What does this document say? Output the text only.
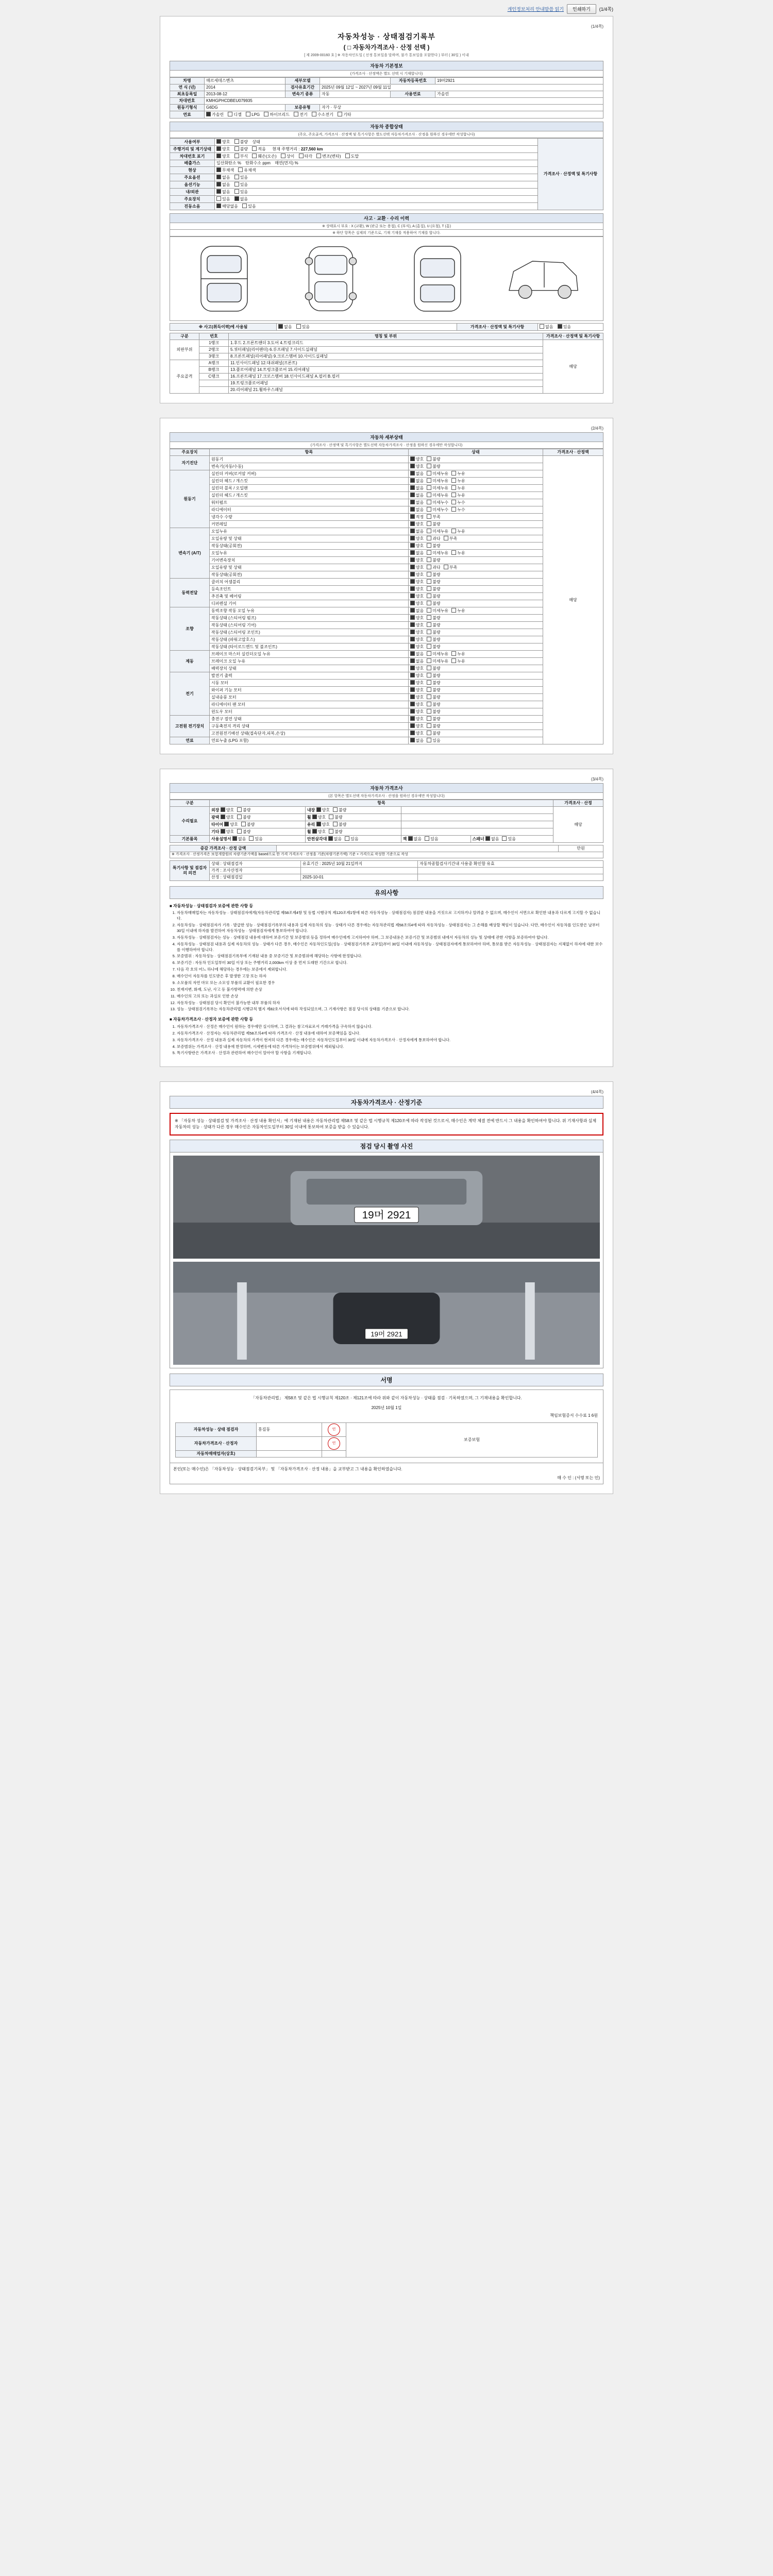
개인정보처리 안내말씀 읽기	인쇄하기	(1/4쪽)
(1/4쪽)
자동차성능 · 상태점검기록부
( □ 자동차가격조사 · 산정 선택 )
[ 제 2009-00160 호 ] ※ 자동차인도일 ( 선정 통보일을 말하며, 불가 통보일을 포함한다 ) 부터 ( 30일 ) 이내
자동차 기본정보
(가격조사 · 산정액은 별도 선택 시 기재합니다)
차명	매르세데스벤츠	세부모델		자동차등록번호	19머2921
연 식 (년)	2014	검사유효기간	2025년 09월 12일 ~ 2027년 09월 11일		
최초등록일	2013-08-12	변속기 종류	자동	사용연료	가솔린
차대번호	KMHGPHCDBEU079935				
원동기형식	G6DG	보증유형	자가 · 무상		
연료	가솔린 디젤 LPG 하이브리드 전기 수소전기 기타				
자동차 종합상태
(주요, 주요골격, 가격조사 · 산정액 및 특기사항은 별도선택 자동차가격조사 · 산정을 원하신 경우에만 작성합니다)
사용여부	양호 불량 상태	가격조사 · 산정액 및 특기사항
주행거리 및 계기상태	양호 불량 적음 현재 주행거리 : 227,560 km	
차대번호 표기	양호 부식 훼손(오손) 상이 타각 변조(변타) 도말	
배출가스	일산화탄소 % 탄화수소 ppm 매연(먼지) %	
현상	무채색 유채색	
주요옵션	없음 있음	
옵션기능	없음 있음	
내/외관	없음 있음	
주요장치	있음 없음	
진동소음	해당없음 있음	
사고 · 교환 · 수리 이력
※ 상태표시 부호 : X (교환), W (판금 또는 용접), C (부식), A (흠집), U (요철), T (흠)
※ 하단 항목은 실제의 기준으로, 기재 기재를 적용하여 기재를 합니다.
※ 사고(취득이력)에 사용됨	없음 있음	가격조사 · 산정액 및 특기사항	없음 있음
구분	번호	명칭 및 부위	가격조사 · 산정액 및 특기사항
외판부위	1랭크	1.후드 2.프론트팬더 3.도어 4.트렁크리드	해당
	2랭크	5.쿼터패널(리어팬더) 6.루프패널 7.사이드실패널	
	3랭크	8.프론트패널(리어패널) 9.크로스멤버 10.사이드실패널	
주요골격	A랭크	11.인사이드패널 12.대쉬패널(프론트)	
	B랭크	13.플로어패널 14.트렁크플로어 15.리어패널	
	C랭크	16.프론트패널 17.크로스멤버 18.인사이드패널 A.필러 B.필러	
		19.트렁크플로어패널	
		20.리어패널 21.휠하우스패널	
(2/4쪽)
자동차 세부상태
(가격조사 · 산정액 및 특기사항은 별도선택 자동차가격조사 · 산정을 원하신 경우에만 작성합니다)
주요장치	항목	상태	가격조사 · 산정액
자기진단	원동기	양호 불량	해당
	변속기(자동/수동)	양호 불량	
원동기	실린더 커버(로커암 커버)	없음 미세누유 누유	
	실린더 헤드 / 개스킷	없음 미세누유 누유	
	실린더 블록 / 오일팬	없음 미세누유 누유	
	실린더 헤드 / 개스킷	없음 미세누유 누유	
	워터펌프	없음 미세누수 누수	
	라디에이터	없음 미세누수 누수	
	냉각수 수량	적정 부족	
	커먼레일	양호 불량	
변속기 (A/T)	오일누유	없음 미세누유 누유	
	오일유량 및 상태	양호 과다 부족	
	작동상태(공회전)	양호 불량	
	오일누유	없음 미세누유 누유	
	기어변속장치	양호 불량	
	오일유량 및 상태	양호 과다 부족	
	작동상태(공회전)	양호 불량	
동력전달	클러치 어셈블리	양호 불량	
	등속조인트	양호 불량	
	추진축 및 베어링	양호 불량	
	디퍼렌셜 기어	양호 불량	
조향	동력조향 작동 오일 누유	없음 미세누유 누유	
	작동상태 (스티어링 펌프)	양호 불량	
	작동상태 (스티어링 기어)	양호 불량	
	작동상태 (스티어링 조인트)	양호 불량	
	작동상태 (파워고압호스)	양호 불량	
	작동상태 (타이로드엔드 및 볼조인트)	양호 불량	
제동	브레이크 마스터 실린더오일 누유	없음 미세누유 누유	
	브레이크 오일 누유	없음 미세누유 누유	
	배력장치 상태	양호 불량	
전기	발전기 출력	양호 불량	
	시동 모터	양호 불량	
	와이퍼 기능 모터	양호 불량	
	실내송풍 모터	양호 불량	
	라디에이터 팬 모터	양호 불량	
	윈도우 모터	양호 불량	
고전원 전기장치	충전구 절연 상태	양호 불량	
	구동축전지 격리 상태	양호 불량	
	고전원전기배선 상태(접속단자,피복,손상)	양호 불량	
연료	연료누출 (LPG 포함)	없음 있음	
(3/4쪽)
자동차 가격조사
(본 항목은 별도선택 자동차가격조사 · 산정을 원하신 경우에만 작성합니다)
구분	항목				가격조사 · 산정
수리필요	외장 양호 불량	내장 양호 불량			해당
	광택 양호 불량	휠 양호 불량			
	타이어 양호 불량	유리 양호 불량			
	기타 양호 불량	휠 양호 불량			
기본품목	사용설명서 없음 있음	안전삼각대 없음 있음	잭 없음 있음	스패너 없음 있음	
증감 가격조사 · 산정 금액		만원
※ 가격조사 · 산정가격은 보험개발원의 차량기준가액을 based으로 한 가격 가격조사 · 산정을 기준(차량기준가액) 기준 + 가격으로 작성한 기준으로 작성
특기사항 및 점검자의 의견	상태 : 상태점검자	유효기간 : 2025년 10월 21일까지	자동차종합검사기간내 사용중 확인함 유효
	가격 : 조사산정자		
	산정 : 상태점검일	2025-10-01	
유의사항
■ 자동차성능 · 상태점검자 보증에 관한 사항 등
1. 자동차매매업자는 자동차성능 · 상태점검자에게(자동차관리법 제58조제4항 및 동법 시행규칙 제120조제1항에 따른 자동차성능 · 상태점검자) 점검한 내용을 거짓으로 고지하거나 알려줄 수 없으며, 매수인이 서면으로 확인한 내용과 다르게 고지할 수 없습니다.
2. 자동차성능 · 상태점검자가 기록 · 발급한 성능 · 상태점검기록부의 내용과 실제 자동차의 성능 · 상태가 다른 경우에는 자동차관리법 제58조의4에 따라 자동차성능 · 상태점검자는 그 손해를 배상할 책임이 있습니다. 다만, 매수인이 자동차를 인도받은 날부터 30일 이내에 하자를 발견하여 자동차성능 · 상태점검자에게 통보하여야 합니다.
3. 자동차성능 · 상태점검자는 성능 · 상태점검 내용에 대하여 보증기간 및 보증범위 등을 정하여 매수인에게 고지하여야 하며, 그 보증내용은 보증기간 및 보증범위 내에서 자동차의 성능 및 상태에 관한 사항을 보증하여야 합니다.
4. 자동차성능 · 상태점검 내용과 실제 자동차의 성능 · 상태가 다른 경우, 매수인은 자동차인도일(성능 · 상태점검기록부 교부일)부터 30일 이내에 자동차성능 · 상태점검자에게 통보하여야 하며, 통보를 받은 자동차성능 · 상태점검자는 지체없이 하자에 대한 보수를 이행하여야 합니다.
5. 보증범위 : 자동차성능 · 상태점검기록부에 기재된 내용 중 보증기간 및 보증범위에 해당하는 사항에 한정합니다.
6. 보증기간 : 자동차 인도일부터 30일 이상 또는 주행거리 2,000km 이상 중 먼저 도래한 기간으로 합니다.
7. 다음 각 호의 어느 하나에 해당하는 경우에는 보증에서 제외합니다.
8. 매수인이 자동차를 인도받은 후 발생한 고장 또는 하자
9. 소모품의 자연 마모 또는 소모성 부품의 교환이 필요한 경우
10. 천재지변, 화재, 도난, 사고 등 불가항력에 의한 손상
11. 매수인의 고의 또는 과실로 인한 손상
12. 자동차성능 · 상태점검 당시 확인이 불가능한 내부 부품의 하자
13. 성능 · 상태점검기록부는 자동차관리법 시행규칙 별지 제82호서식에 따라 작성되었으며, 그 기재사항은 점검 당시의 상태를 기준으로 합니다.
■ 자동차가격조사 · 산정자 보증에 관한 사항 등
1. 자동차가격조사 · 산정은 매수인이 원하는 경우에만 실시하며, 그 결과는 참고자료로서 거래가격을 구속하지 않습니다.
2. 자동차가격조사 · 산정자는 자동차관리법 제58조의4에 따라 가격조사 · 산정 내용에 대하여 보증책임을 집니다.
3. 자동차가격조사 · 산정 내용과 실제 자동차의 가격이 현저히 다른 경우에는 매수인은 자동차인도일부터 30일 이내에 자동차가격조사 · 산정자에게 통보하여야 합니다.
4. 보증범위는 가격조사 · 산정 내용에 한정하며, 시세변동에 따른 가격차이는 보증범위에서 제외됩니다.
5. 특기사항란은 가격조사 · 산정과 관련하여 매수인이 알아야 할 사항을 기재합니다.
(4/4쪽)
자동차가격조사 · 산정기준
※ 「자동차 성능 · 상태점검 및 가격조사 · 산정 내용 확인서」에 기재된 내용은 자동차관리법 제58조 및 같은 법 시행규칙 제120조에 따라 작성된 것으로서, 매수인은 계약 체결 전에 반드시 그 내용을 확인하여야 합니다. 위 기재사항과 실제 자동차의 성능 · 상태가 다른 경우 매수인은 자동차인도일부터 30일 이내에 통보하여 보증을 받을 수 있습니다.
점검 당시 촬영 사진
19머 2921
19머 2921
서명
「자동차관리법」 제58조 및 같은 법 시행규칙 제120조 · 제121조에 따라 위와 같이 자동차성능 · 상태를 점검 · 기록하였으며, 그 기재내용을 확인합니다.
2025년 10월 1일
책임보험증서 수수료 1 6원
자동차성능 · 상태 점검자	홍길동	인	보증보험
자동차가격조사 · 산정자		인	
자동차매매업자(상호)			
본인(또는 매수인)은 「자동차성능 · 상태점검기록부」 및 「자동차가격조사 · 산정 내용」을 교부받고 그 내용을 확인하였습니다.
매 수 인 : (서명 또는 인)
